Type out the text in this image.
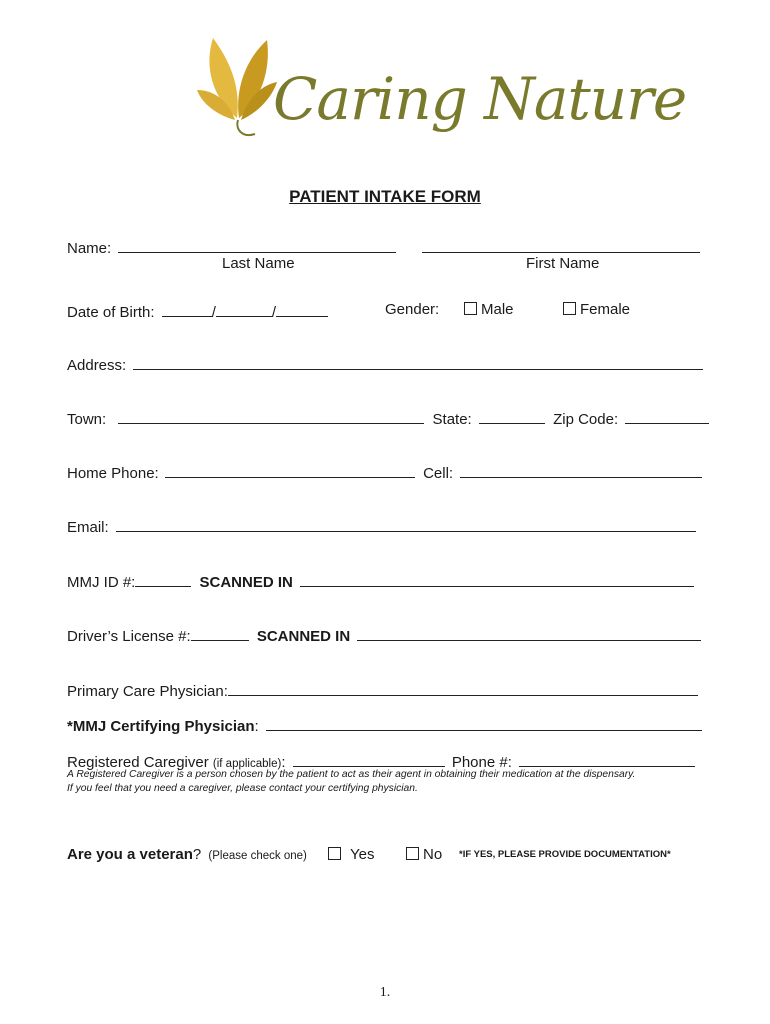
Caring Nature
PATIENT INTAKE FORM
Name:
Last Name	First Name
Date of Birth:	/	/	Gender:	Male	Female
Address:
Town:	State:	Zip Code:
Home Phone:	Cell:
Email:
MMJ ID #:	SCANNED IN
Driver’s License #:	SCANNED IN
Primary Care Physician:
*MMJ Certifying Physician:
Registered Caregiver (if applicable):	Phone #:
A Registered Caregiver is a person chosen by the patient to act as their agent in obtaining their medication at the dispensary.
If you feel that you need a caregiver, please contact your certifying physician.
Are you a veteran? (Please check one)	Yes	No *IF YES, PLEASE PROVIDE DOCUMENTATION*
1.
